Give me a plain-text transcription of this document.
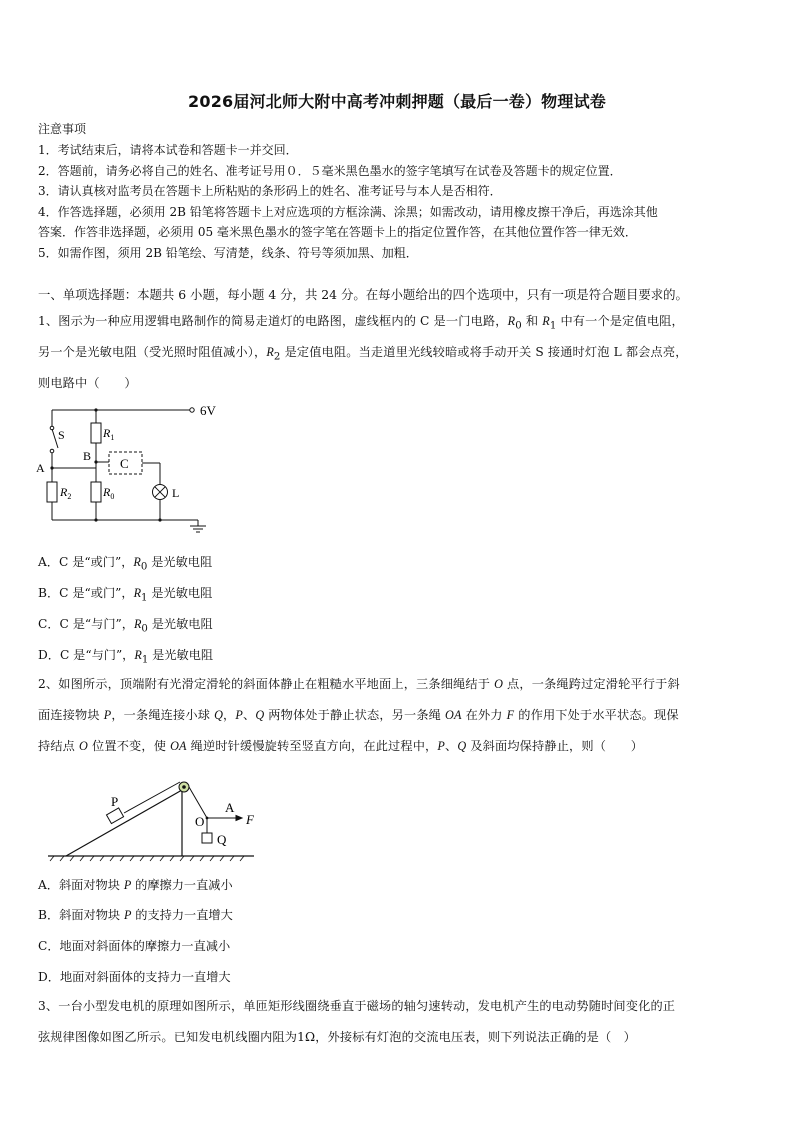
2026届河北师大附中高考冲刺押题（最后一卷）物理试卷
注意事项
1．考试结束后，请将本试卷和答题卡一并交回．
2．答题前，请务必将自己的姓名、准考证号用０．５毫米黑色墨水的签字笔填写在试卷及答题卡的规定位置．
3．请认真核对监考员在答题卡上所粘贴的条形码上的姓名、准考证号与本人是否相符．
4．作答选择题，必须用 2B 铅笔将答题卡上对应选项的方框涂满、涂黑；如需改动，请用橡皮擦干净后，再选涂其他
答案．作答非选择题，必须用 05 毫米黑色墨水的签字笔在答题卡上的指定位置作答，在其他位置作答一律无效．
5．如需作图，须用 2B 铅笔绘、写清楚，线条、符号等须加黑、加粗．
一、单项选择题：本题共 6 小题，每小题 4 分，共 24 分。在每小题给出的四个选项中，只有一项是符合题目要求的。
1、图示为一种应用逻辑电路制作的简易走道灯的电路图，虚线框内的 C 是一门电路，$R_0$ 和 $R_1$ 中有一个是定值电阻，
另一个是光敏电阻（受光照时阻值减小），$R_2$ 是定值电阻。当走道里光线较暗或将手动开关 S 接通时灯泡 L 都会点亮，
则电路中（　　）
6V
S
A
B C
L
$R_1$
$R_2$	$R_0$
A．C 是“或门”，$R_0$ 是光敏电阻
B．C 是“或门”，$R_1$ 是光敏电阻
C．C 是“与门”，$R_0$ 是光敏电阻
D．C 是“与门”，$R_1$ 是光敏电阻
2、如图所示，顶端附有光滑定滑轮的斜面体静止在粗糙水平地面上，三条细绳结于 O 点，一条绳跨过定滑轮平行于斜
面连接物块 P，一条绳连接小球 Q，P、Q 两物体处于静止状态，另一条绳 OA 在外力 F 的作用下处于水平状态。现保
持结点 O 位置不变，使 OA 绳逆时针缓慢旋转至竖直方向，在此过程中，P、Q 及斜面均保持静止，则（　　）
P
O
A
F
Q
A．斜面对物块 P 的摩擦力一直减小
B．斜面对物块 P 的支持力一直增大
C．地面对斜面体的摩擦力一直减小
D．地面对斜面体的支持力一直增大
3、一台小型发电机的原理如图所示，单匝矩形线圈绕垂直于磁场的轴匀速转动，发电机产生的电动势随时间变化的正
弦规律图像如图乙所示。已知发电机线圈内阻为1Ω，外接标有灯泡的交流电压表，则下列说法正确的是（　）
